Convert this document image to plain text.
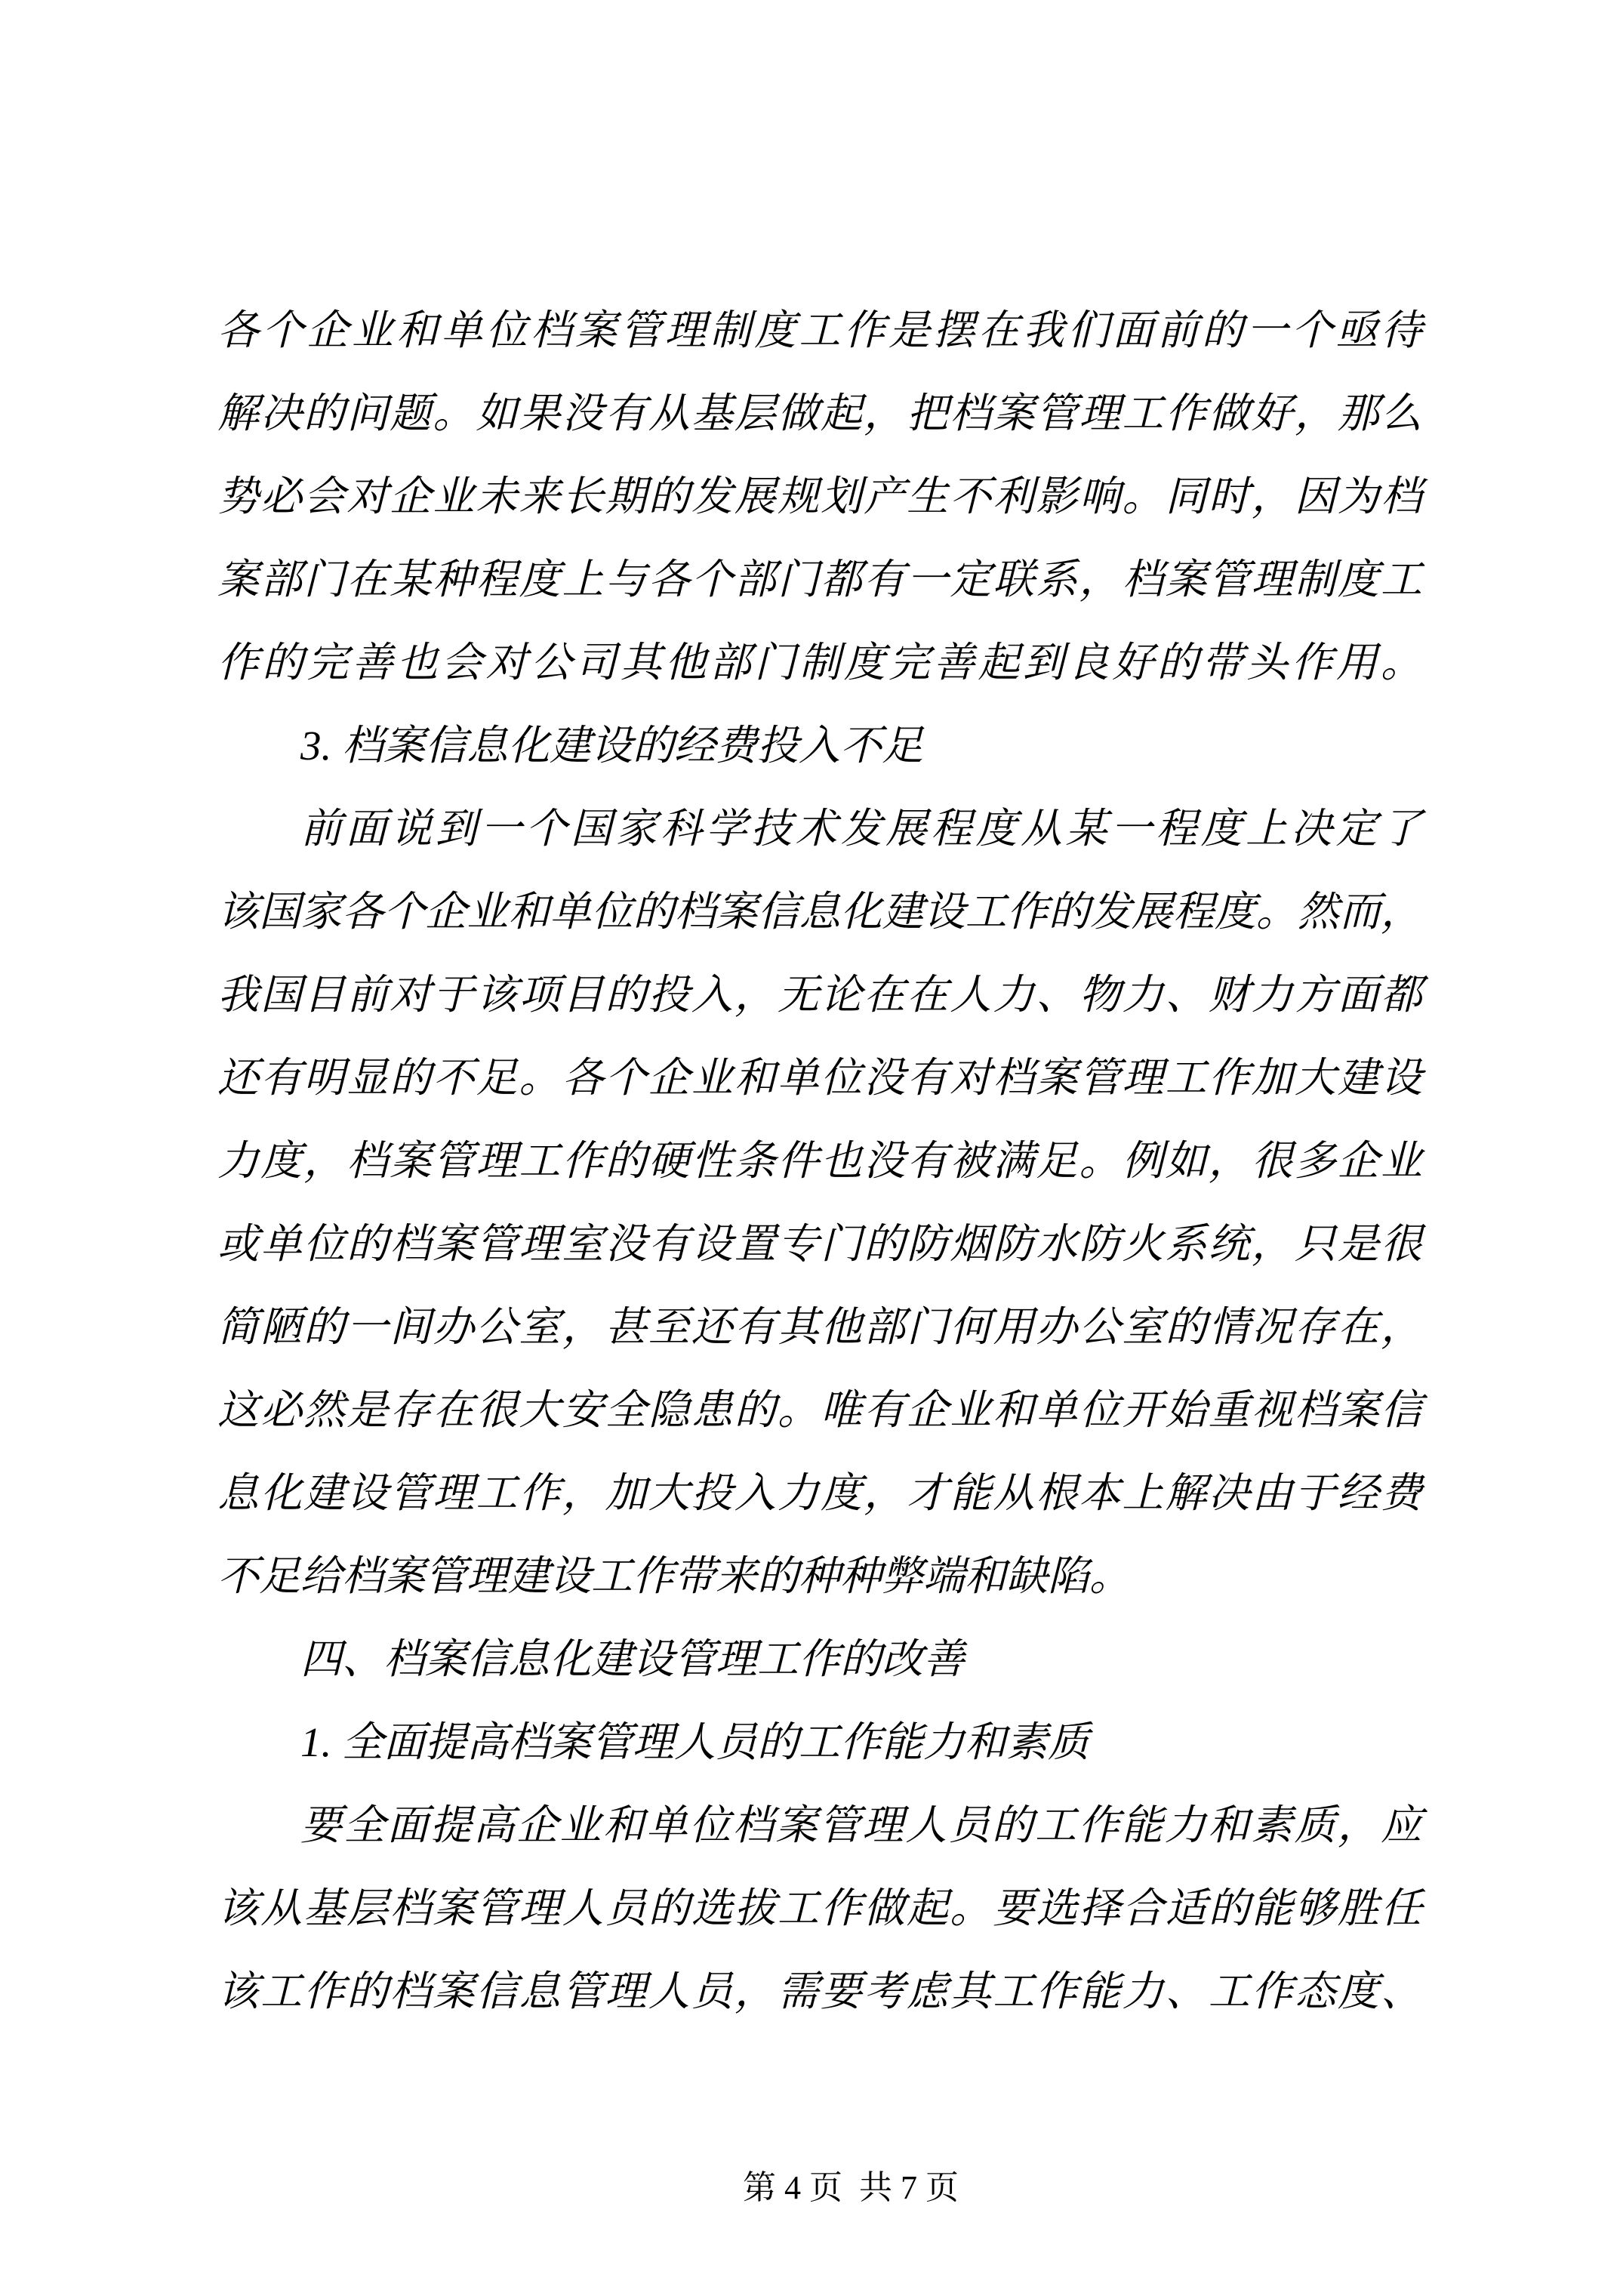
各个企业和单位档案管理制度工作是摆在我们面前的一个亟待
解决的问题。如果没有从基层做起，把档案管理工作做好，那么
势必会对企业未来长期的发展规划产生不利影响。同时，因为档
案部门在某种程度上与各个部门都有一定联系，档案管理制度工
作的完善也会对公司其他部门制度完善起到良好的带头作用。
3. 档案信息化建设的经费投入不足
前面说到一个国家科学技术发展程度从某一程度上决定了
该国家各个企业和单位的档案信息化建设工作的发展程度。然而，
我国目前对于该项目的投入，无论在在人力、物力、财力方面都
还有明显的不足。各个企业和单位没有对档案管理工作加大建设
力度，档案管理工作的硬性条件也没有被满足。例如，很多企业
或单位的档案管理室没有设置专门的防烟防水防火系统，只是很
简陋的一间办公室，甚至还有其他部门何用办公室的情况存在，
这必然是存在很大安全隐患的。唯有企业和单位开始重视档案信
息化建设管理工作，加大投入力度，才能从根本上解决由于经费
不足给档案管理建设工作带来的种种弊端和缺陷。
四、档案信息化建设管理工作的改善
1. 全面提高档案管理人员的工作能力和素质
要全面提高企业和单位档案管理人员的工作能力和素质，应
该从基层档案管理人员的选拔工作做起。要选择合适的能够胜任
该工作的档案信息管理人员，需要考虑其工作能力、工作态度、

第 4 页  共 7 页
